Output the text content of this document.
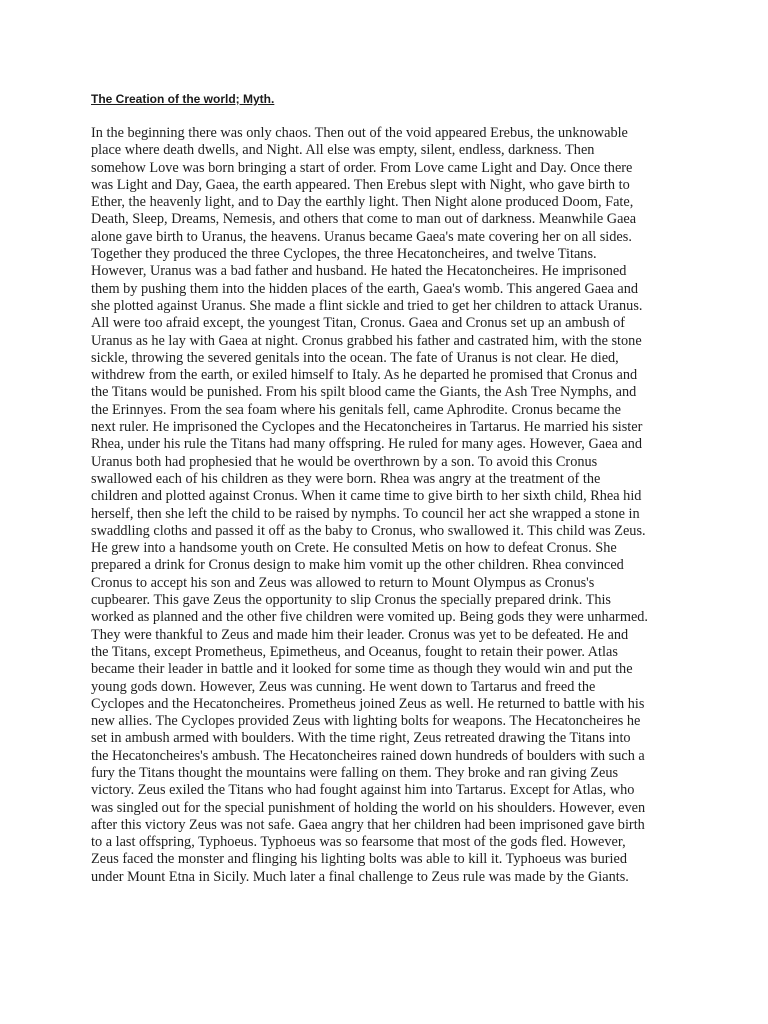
The Creation of the world; Myth.
In the beginning there was only chaos. Then out of the void appeared Erebus, the unknowable
place where death dwells, and Night. All else was empty, silent, endless, darkness. Then
somehow Love was born bringing a start of order. From Love came Light and Day. Once there
was Light and Day, Gaea, the earth appeared. Then Erebus slept with Night, who gave birth to
Ether, the heavenly light, and to Day the earthly light. Then Night alone produced Doom, Fate,
Death, Sleep, Dreams, Nemesis, and others that come to man out of darkness. Meanwhile Gaea
alone gave birth to Uranus, the heavens. Uranus became Gaea's mate covering her on all sides.
Together they produced the three Cyclopes, the three Hecatoncheires, and twelve Titans.
However, Uranus was a bad father and husband. He hated the Hecatoncheires. He imprisoned
them by pushing them into the hidden places of the earth, Gaea's womb. This angered Gaea and
she plotted against Uranus. She made a flint sickle and tried to get her children to attack Uranus.
All were too afraid except, the youngest Titan, Cronus. Gaea and Cronus set up an ambush of
Uranus as he lay with Gaea at night. Cronus grabbed his father and castrated him, with the stone
sickle, throwing the severed genitals into the ocean. The fate of Uranus is not clear. He died,
withdrew from the earth, or exiled himself to Italy. As he departed he promised that Cronus and
the Titans would be punished. From his spilt blood came the Giants, the Ash Tree Nymphs, and
the Erinnyes. From the sea foam where his genitals fell, came Aphrodite. Cronus became the
next ruler. He imprisoned the Cyclopes and the Hecatoncheires in Tartarus. He married his sister
Rhea, under his rule the Titans had many offspring. He ruled for many ages. However, Gaea and
Uranus both had prophesied that he would be overthrown by a son. To avoid this Cronus
swallowed each of his children as they were born. Rhea was angry at the treatment of the
children and plotted against Cronus. When it came time to give birth to her sixth child, Rhea hid
herself, then she left the child to be raised by nymphs. To council her act she wrapped a stone in
swaddling cloths and passed it off as the baby to Cronus, who swallowed it. This child was Zeus.
He grew into a handsome youth on Crete. He consulted Metis on how to defeat Cronus. She
prepared a drink for Cronus design to make him vomit up the other children. Rhea convinced
Cronus to accept his son and Zeus was allowed to return to Mount Olympus as Cronus's
cupbearer. This gave Zeus the opportunity to slip Cronus the specially prepared drink. This
worked as planned and the other five children were vomited up. Being gods they were unharmed.
They were thankful to Zeus and made him their leader. Cronus was yet to be defeated. He and
the Titans, except Prometheus, Epimetheus, and Oceanus, fought to retain their power. Atlas
became their leader in battle and it looked for some time as though they would win and put the
young gods down. However, Zeus was cunning. He went down to Tartarus and freed the
Cyclopes and the Hecatoncheires. Prometheus joined Zeus as well. He returned to battle with his
new allies. The Cyclopes provided Zeus with lighting bolts for weapons. The Hecatoncheires he
set in ambush armed with boulders. With the time right, Zeus retreated drawing the Titans into
the Hecatoncheires's ambush. The Hecatoncheires rained down hundreds of boulders with such a
fury the Titans thought the mountains were falling on them. They broke and ran giving Zeus
victory. Zeus exiled the Titans who had fought against him into Tartarus. Except for Atlas, who
was singled out for the special punishment of holding the world on his shoulders. However, even
after this victory Zeus was not safe. Gaea angry that her children had been imprisoned gave birth
to a last offspring, Typhoeus. Typhoeus was so fearsome that most of the gods fled. However,
Zeus faced the monster and flinging his lighting bolts was able to kill it. Typhoeus was buried
under Mount Etna in Sicily. Much later a final challenge to Zeus rule was made by the Giants.
